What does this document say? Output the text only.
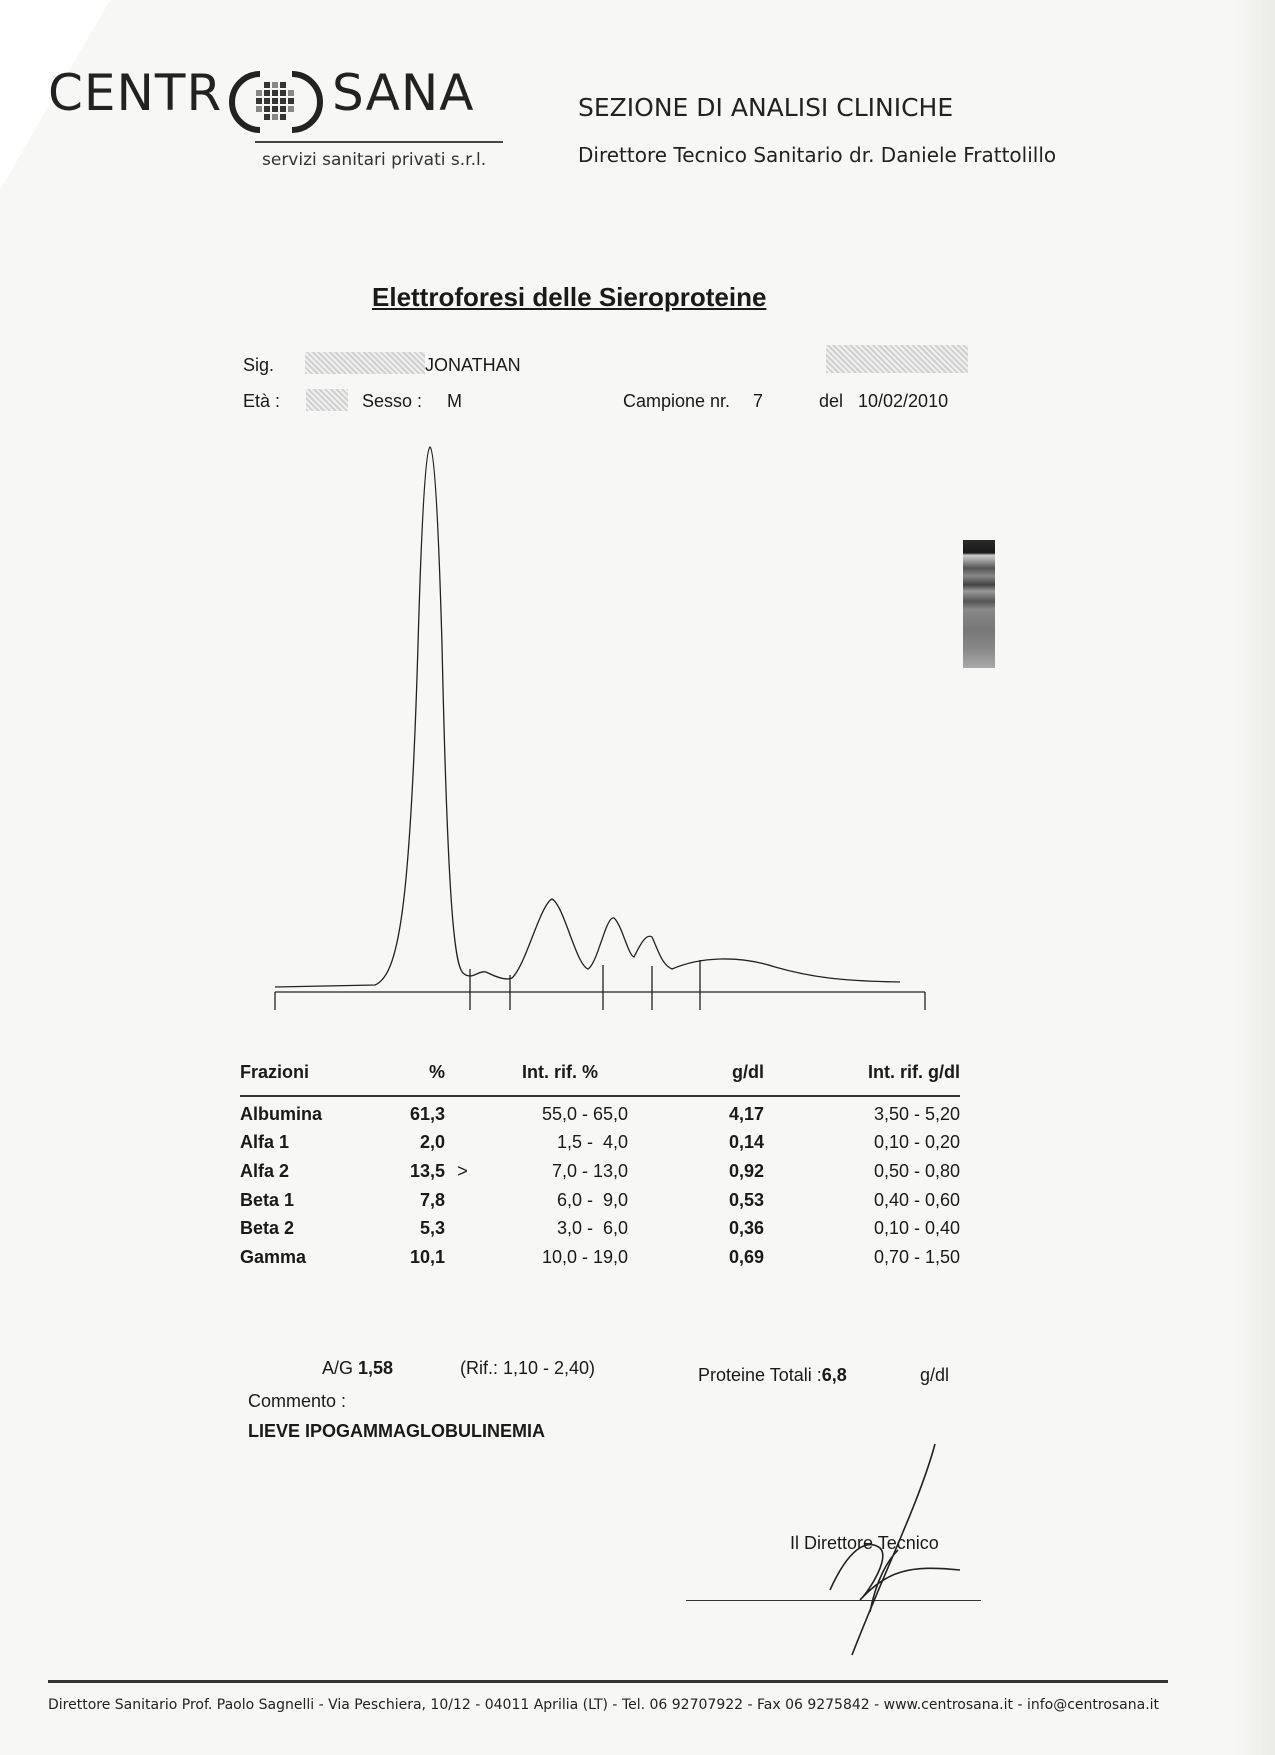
CENTR SANA
servizi sanitari privati s.r.l.
SEZIONE DI ANALISI CLINICHE
Direttore Tecnico Sanitario dr. Daniele Frattolillo
Elettroforesi delle Sieroproteine
Sig.	JONATHAN
Età :	Sesso : M	Campione nr. 7	del 10/02/2010
Frazioni	%		Int. rif. %	g/dl	Int. rif. g/dl

Albumina	61,3		55,0 - 65,0	4,17	3,50 - 5,20
Alfa 1	2,0		1,5 -  4,0	0,14	0,10 - 0,20
Alfa 2	13,5	>	7,0 - 13,0	0,92	0,50 - 0,80
Beta 1	7,8		6,0 -  9,0	0,53	0,40 - 0,60
Beta 2	5,3		3,0 -  6,0	0,36	0,10 - 0,40
Gamma	10,1		10,0 - 19,0	0,69	0,70 - 1,50
A/G 1,58	(Rif.: 1,10 - 2,40)	Proteine Totali :6,8	g/dl
Commento :
LIEVE IPOGAMMAGLOBULINEMIA
Il Direttore Tecnico
Direttore Sanitario Prof. Paolo Sagnelli - Via Peschiera, 10/12 - 04011 Aprilia (LT) - Tel. 06 92707922 - Fax 06 9275842 - www.centrosana.it - info@centrosana.it
